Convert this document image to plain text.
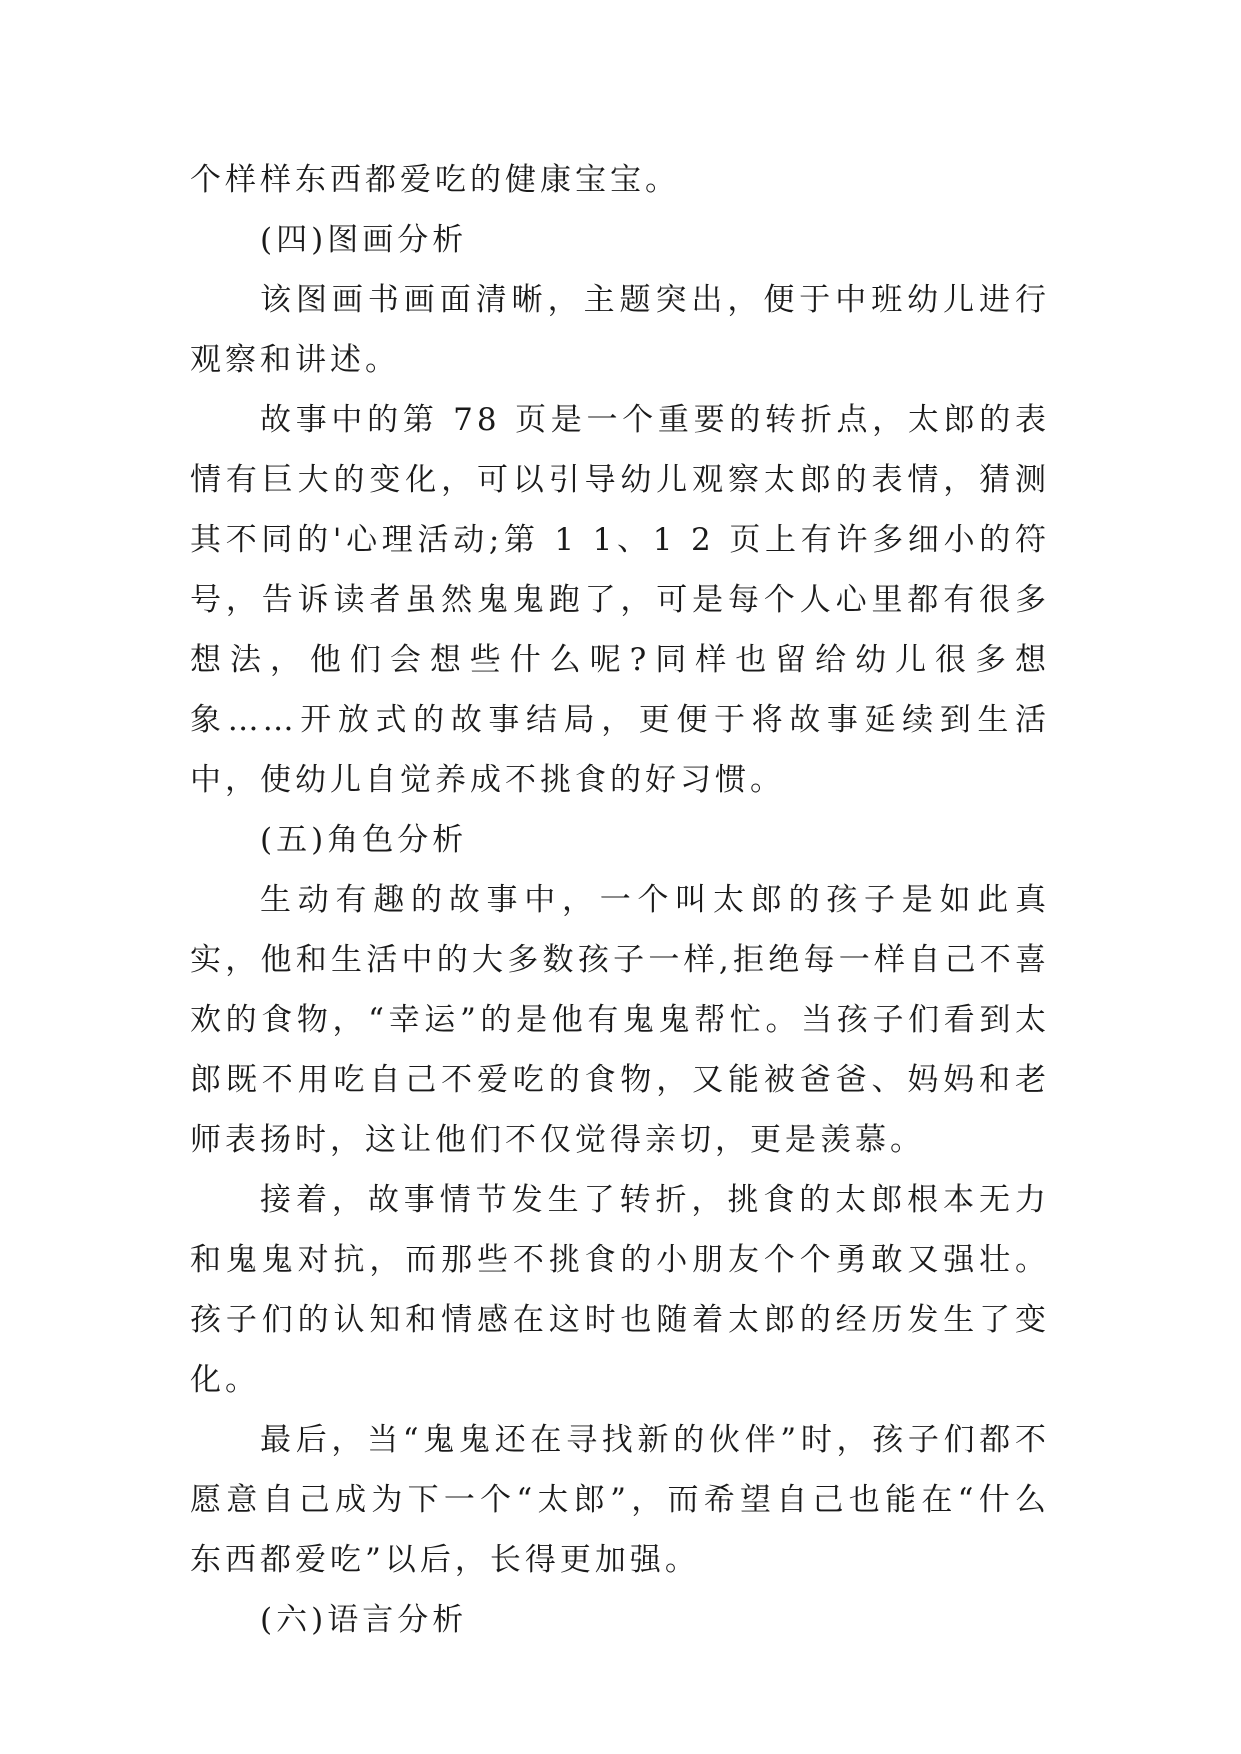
个样样东西都爱吃的健康宝宝。

(四)图画分析

该图画书画面清晰，主题突出，便于中班幼儿进行观察和讲述。

故事中的第 78 页是一个重要的转折点，太郎的表情有巨大的变化，可以引导幼儿观察太郎的表情，猜测其不同的'心理活动;第 1 1、1 2 页上有许多细小的符号，告诉读者虽然鬼鬼跑了，可是每个人心里都有很多想法，他们会想些什么呢?同样也留给幼儿很多想象……开放式的故事结局，更便于将故事延续到生活中，使幼儿自觉养成不挑食的好习惯。

(五)角色分析

生动有趣的故事中，一个叫太郎的孩子是如此真实，他和生活中的大多数孩子一样,拒绝每一样自己不喜欢的食物，“幸运”的是他有鬼鬼帮忙。当孩子们看到太郎既不用吃自己不爱吃的食物，又能被爸爸、妈妈和老师表扬时，这让他们不仅觉得亲切，更是羡慕。

接着，故事情节发生了转折，挑食的太郎根本无力和鬼鬼对抗，而那些不挑食的小朋友个个勇敢又强壮。孩子们的认知和情感在这时也随着太郎的经历发生了变化。

最后，当“鬼鬼还在寻找新的伙伴”时，孩子们都不愿意自己成为下一个“太郎”，而希望自己也能在“什么东西都爱吃”以后，长得更加强。

(六)语言分析
